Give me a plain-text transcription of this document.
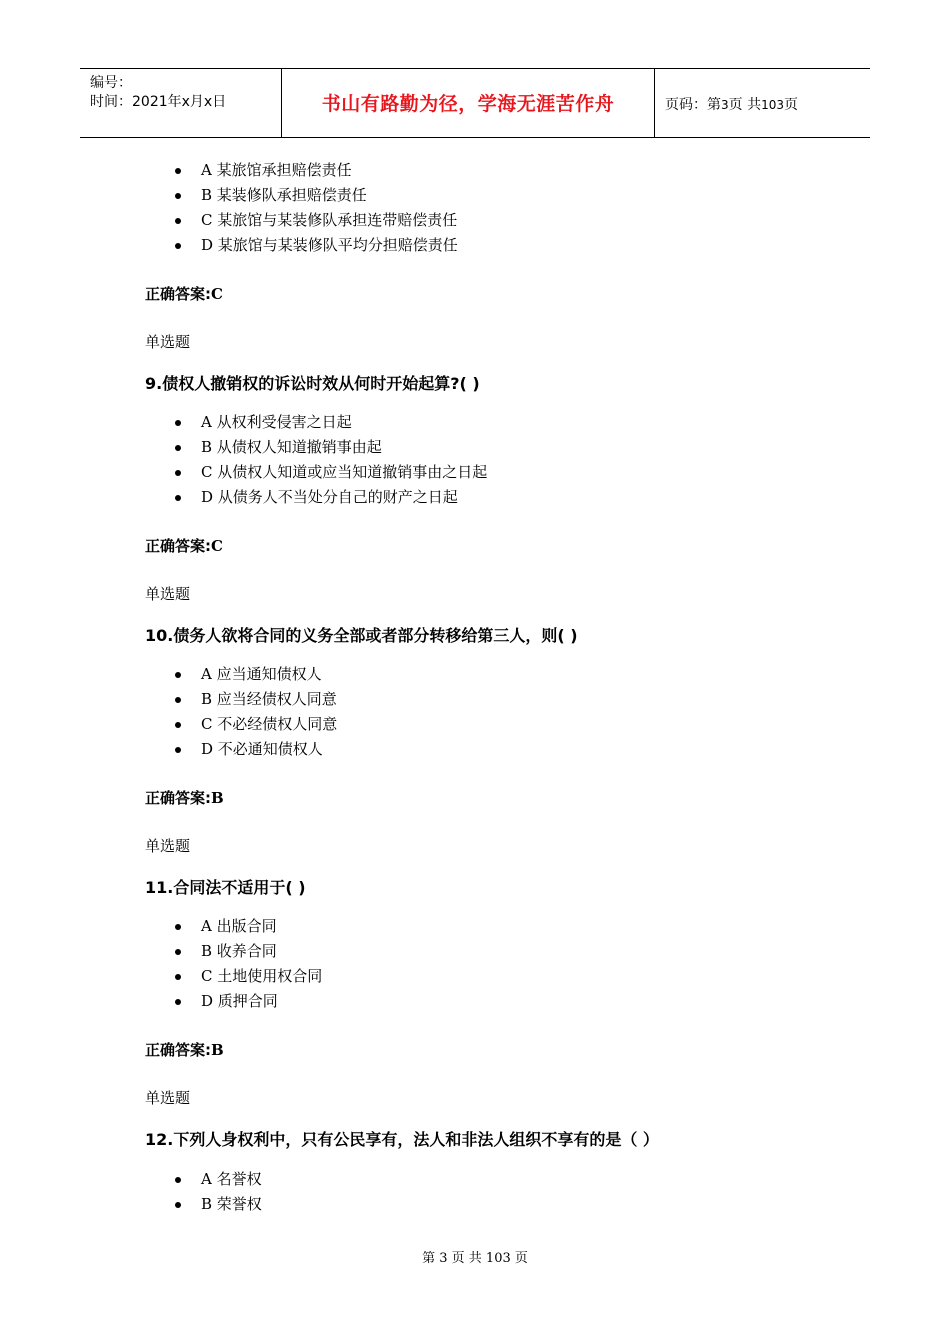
编号：
时间：2021年x月x日	书山有路勤为径，学海无涯苦作舟	页码：第3页 共103页
A 某旅馆承担赔偿责任
B 某装修队承担赔偿责任
C 某旅馆与某装修队承担连带赔偿责任
D 某旅馆与某装修队平均分担赔偿责任
正确答案:C
单选题
9.债权人撤销权的诉讼时效从何时开始起算?( )
A 从权利受侵害之日起
B 从债权人知道撤销事由起
C 从债权人知道或应当知道撤销事由之日起
D 从债务人不当处分自己的财产之日起
正确答案:C
单选题
10.债务人欲将合同的义务全部或者部分转移给第三人，则( )
A 应当通知债权人
B 应当经债权人同意
C 不必经债权人同意
D 不必通知债权人
正确答案:B
单选题
11.合同法不适用于( )
A 出版合同
B 收养合同
C 土地使用权合同
D 质押合同
正确答案:B
单选题
12.下列人身权利中，只有公民享有，法人和非法人组织不享有的是（ ）
A 名誉权
B 荣誉权
第 3 页 共 103 页
